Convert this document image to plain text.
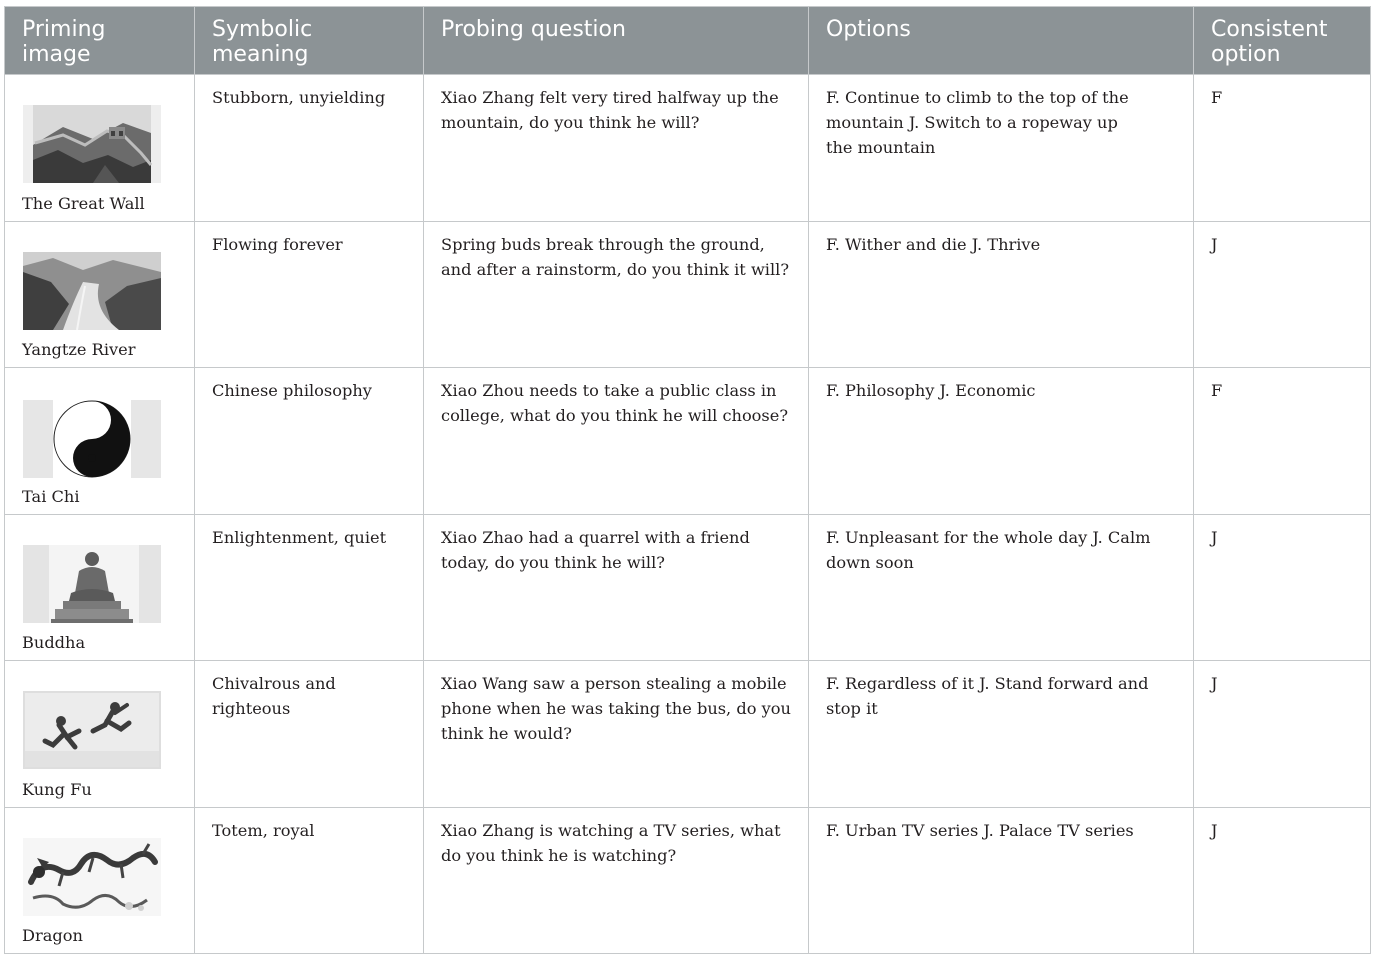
Priming image	Symbolic meaning	Probing question	Options	Consistent option

The Great Wall	Stubborn, unyielding	Xiao Zhang felt very tired halfway up the mountain, do you think he will?	F. Continue to climb to the top of the mountain J. Switch to a ropeway up the mountain	F

Yangtze River	Flowing forever	Spring buds break through the ground, and after a rainstorm, do you think it will?	F. Wither and die J. Thrive	J

Tai Chi	Chinese philosophy	Xiao Zhou needs to take a public class in college, what do you think he will choose?	F. Philosophy J. Economic	F

Buddha	Enlightenment, quiet	Xiao Zhao had a quarrel with a friend today, do you think he will?	F. Unpleasant for the whole day J. Calm down soon	J

Kung Fu	Chivalrous and righteous	Xiao Wang saw a person stealing a mobile phone when he was taking the bus, do you think he would?	F. Regardless of it J. Stand forward and stop it	J

Dragon	Totem, royal	Xiao Zhang is watching a TV series, what do you think he is watching?	F. Urban TV series J. Palace TV series	J
